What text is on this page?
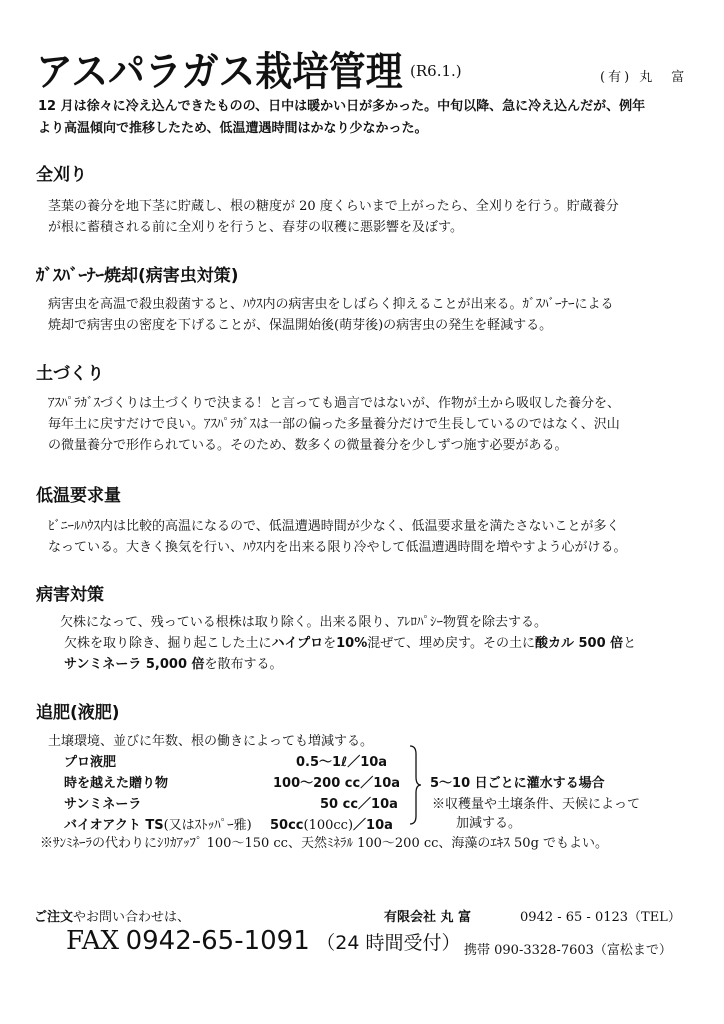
アスパラガス栽培管理 (R6.1.)	(有) 丸　富
12 月は徐々に冷え込んできたものの、日中は暖かい日が多かった。中旬以降、急に冷え込んだが、例年
より高温傾向で推移したため、低温遭遇時間はかなり少なかった。
全刈り
茎葉の養分を地下茎に貯蔵し、根の糖度が 20 度くらいまで上がったら、全刈りを行う。貯蔵養分
が根に蓄積される前に全刈りを行うと、春芽の収穫に悪影響を及ぼす。
ｶﾞｽﾊﾞｰﾅｰ焼却(病害虫対策)
病害虫を高温で殺虫殺菌すると、ﾊｳｽ内の病害虫をしばらく抑えることが出来る。ｶﾞｽﾊﾞｰﾅｰによる
焼却で病害虫の密度を下げることが、保温開始後(萌芽後)の病害虫の発生を軽減する。
土づくり
ｱｽﾊﾟﾗｶﾞｽづくりは土づくりで決まる！と言っても過言ではないが、作物が土から吸収した養分を、
毎年土に戻すだけで良い。ｱｽﾊﾟﾗｶﾞｽは一部の偏った多量養分だけで生長しているのではなく、沢山
の微量養分で形作られている。そのため、数多くの微量養分を少しずつ施す必要がある。
低温要求量
ﾋﾞﾆｰﾙﾊｳｽ内は比較的高温になるので、低温遭遇時間が少なく、低温要求量を満たさないことが多く
なっている。大きく換気を行い、ﾊｳｽ内を出来る限り冷やして低温遭遇時間を増やすよう心がける。
病害対策
欠株になって、残っている根株は取り除く。出来る限り、ｱﾚﾛﾊﾟｼｰ物質を除去する。
欠株を取り除き、掘り起こした土にハイプロを10%混ぜて、埋め戻す。その土に酸カル 500 倍と
サンミネーラ 5,000 倍を散布する。
追肥(液肥)
土壌環境、並びに年数、根の働きによっても増減する。
プロ液肥	0.5～1ℓ／10a
時を越えた贈り物	100～200 cc／10a
サンミネーラ	50 cc／10a
バイオアクト TS(又はｽﾄｯﾊﾟｰ雅) 50cc(100cc)／10a
5～10 日ごとに灌水する場合
※収穫量や土壌条件、天候によって
加減する。
※ｻﾝﾐﾈｰﾗの代わりにｼﾘｶｱｯﾌﾟ 100～150 cc、天然ﾐﾈﾗﾙ 100～200 cc、海藻のｴｷｽ 50g でもよい。
ご注文やお問い合わせは、	有限会社 丸 富	0942 - 65 - 0123（TEL）
FAX 0942-65-1091 （24 時間受付） 携帯 090-3328-7603（富松まで）
